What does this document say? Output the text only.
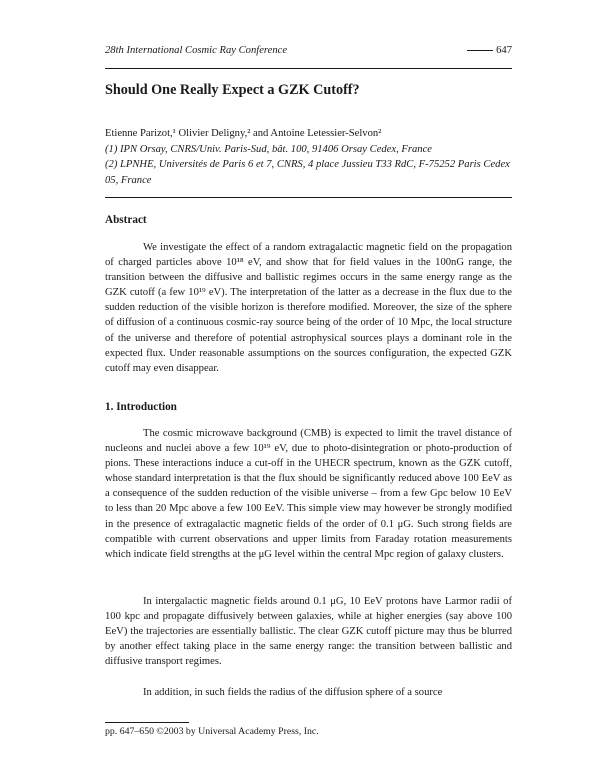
28th International Cosmic Ray Conference	647
Should One Really Expect a GZK Cutoff?
Etienne Parizot,¹ Olivier Deligny,² and Antoine Letessier-Selvon²
(1) IPN Orsay, CNRS/Univ. Paris-Sud, bât. 100, 91406 Orsay Cedex, France
(2) LPNHE, Universités de Paris 6 et 7, CNRS, 4 place Jussieu T33 RdC, F-75252 Paris Cedex 05, France
Abstract

We investigate the effect of a random extragalactic magnetic field on the propagation of charged particles above 10¹⁸ eV, and show that for field values in the 100nG range, the transition between the diffusive and ballistic regimes occurs in the same energy range as the GZK cutoff (a few 10¹⁹ eV). The interpretation of the latter as a decrease in the flux due to the sudden reduction of the visible horizon is therefore modified. Moreover, the size of the sphere of diffusion of a continuous cosmic-ray source being of the order of 10 Mpc, the local structure of the universe and therefore of potential astrophysical sources plays a dominant role in the expected flux. Under reasonable assumptions on the sources configuration, the expected GZK cutoff may even disappear.

1. Introduction

The cosmic microwave background (CMB) is expected to limit the travel distance of nucleons and nuclei above a few 10¹⁹ eV, due to photo-disintegration or photo-production of pions. These interactions induce a cut-off in the UHECR spectrum, known as the GZK cutoff, whose standard interpretation is that the flux should be significantly reduced above 100 EeV as a consequence of the sudden reduction of the visible universe – from a few Gpc below 10 EeV to less than 20 Mpc above a few 100 EeV. This simple view may however be strongly modified in the presence of extragalactic magnetic fields of the order of 0.1 μG. Such strong fields are compatible with current observations and upper limits from Faraday rotation measurements which indicate field strengths at the μG level within the central Mpc region of galaxy clusters.

In intergalactic magnetic fields around 0.1 μG, 10 EeV protons have Larmor radii of 100 kpc and propagate diffusively between galaxies, while at higher energies (say above 100 EeV) the trajectories are essentially ballistic. The clear GZK cutoff picture may thus be blurred by another effect taking place in the same energy range: the transition between ballistic and diffusive transport regimes.

In addition, in such fields the radius of the diffusion sphere of a source

pp. 647–650 ©2003 by Universal Academy Press, Inc.
